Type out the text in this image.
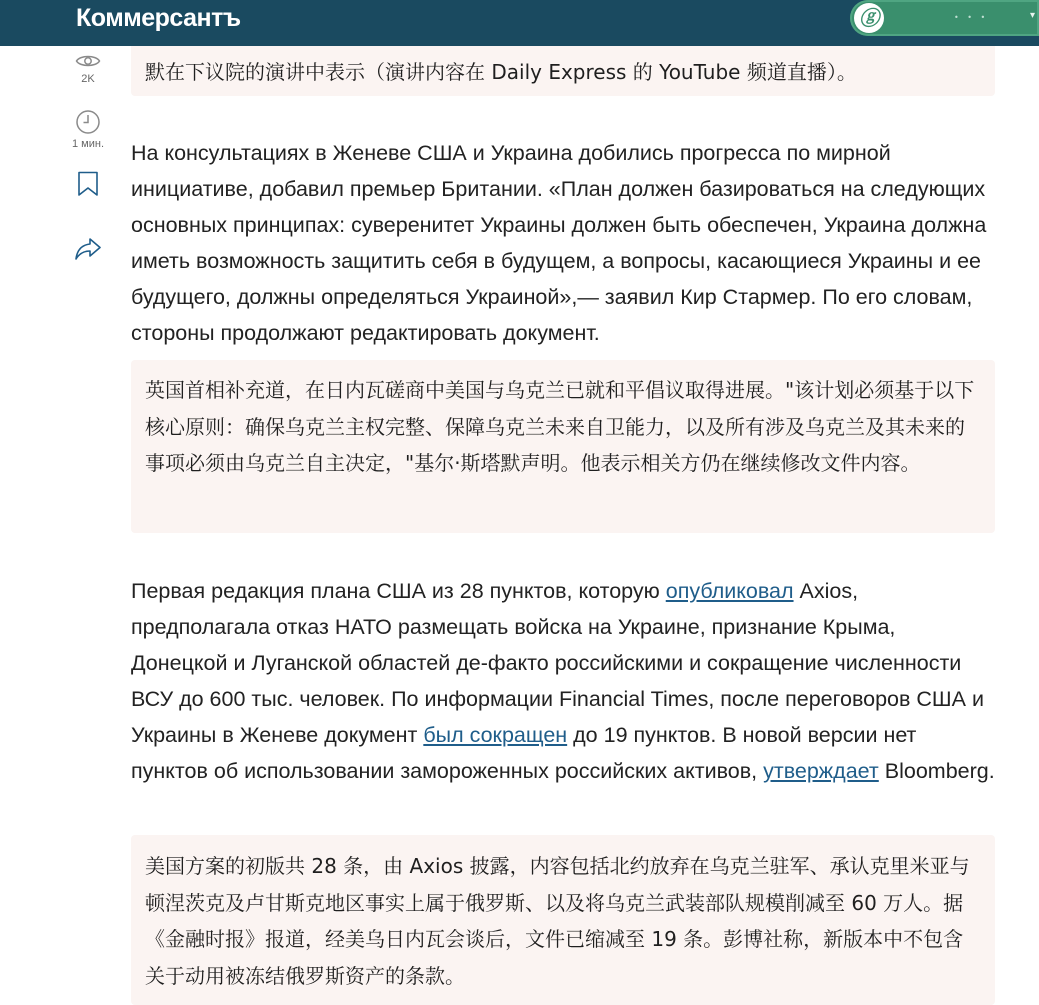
Коммерсантъ	ⓖ	• • •	▾
2K
1 мин.
默在下议院的演讲中表示（演讲内容在 Daily Express 的 YouTube 频道直播）。
На консультациях в Женеве США и Украина добились прогресса по мирной инициативе, добавил премьер Британии. «План должен базироваться на следующих основных принципах: суверенитет Украины должен быть обеспечен, Украина должна иметь возможность защитить себя в будущем, а вопросы, касающиеся Украины и ее будущего, должны определяться Украиной»,— заявил Кир Стармер. По его словам, стороны продолжают редактировать документ.
英国首相补充道，在日内瓦磋商中美国与乌克兰已就和平倡议取得进展。"该计划必须基于以下核心原则：确保乌克兰主权完整、保障乌克兰未来自卫能力，以及所有涉及乌克兰及其未来的事项必须由乌克兰自主决定，"基尔·斯塔默声明。他表示相关方仍在继续修改文件内容。
Первая редакция плана США из 28 пунктов, которую опубликовал Axios, предполагала отказ НАТО размещать войска на Украине, признание Крыма, Донецкой и Луганской областей де-факто российскими и сокращение численности ВСУ до 600 тыс. человек. По информации Financial Times, после переговоров США и Украины в Женеве документ был сокращен до 19 пунктов. В новой версии нет пунктов об использовании замороженных российских активов, утверждает Bloomberg.
美国方案的初版共 28 条，由 Axios 披露，内容包括北约放弃在乌克兰驻军、承认克里米亚与顿涅茨克及卢甘斯克地区事实上属于俄罗斯、以及将乌克兰武装部队规模削减至 60 万人。据《金融时报》报道，经美乌日内瓦会谈后，文件已缩减至 19 条。彭博社称，新版本中不包含关于动用被冻结俄罗斯资产的条款。
